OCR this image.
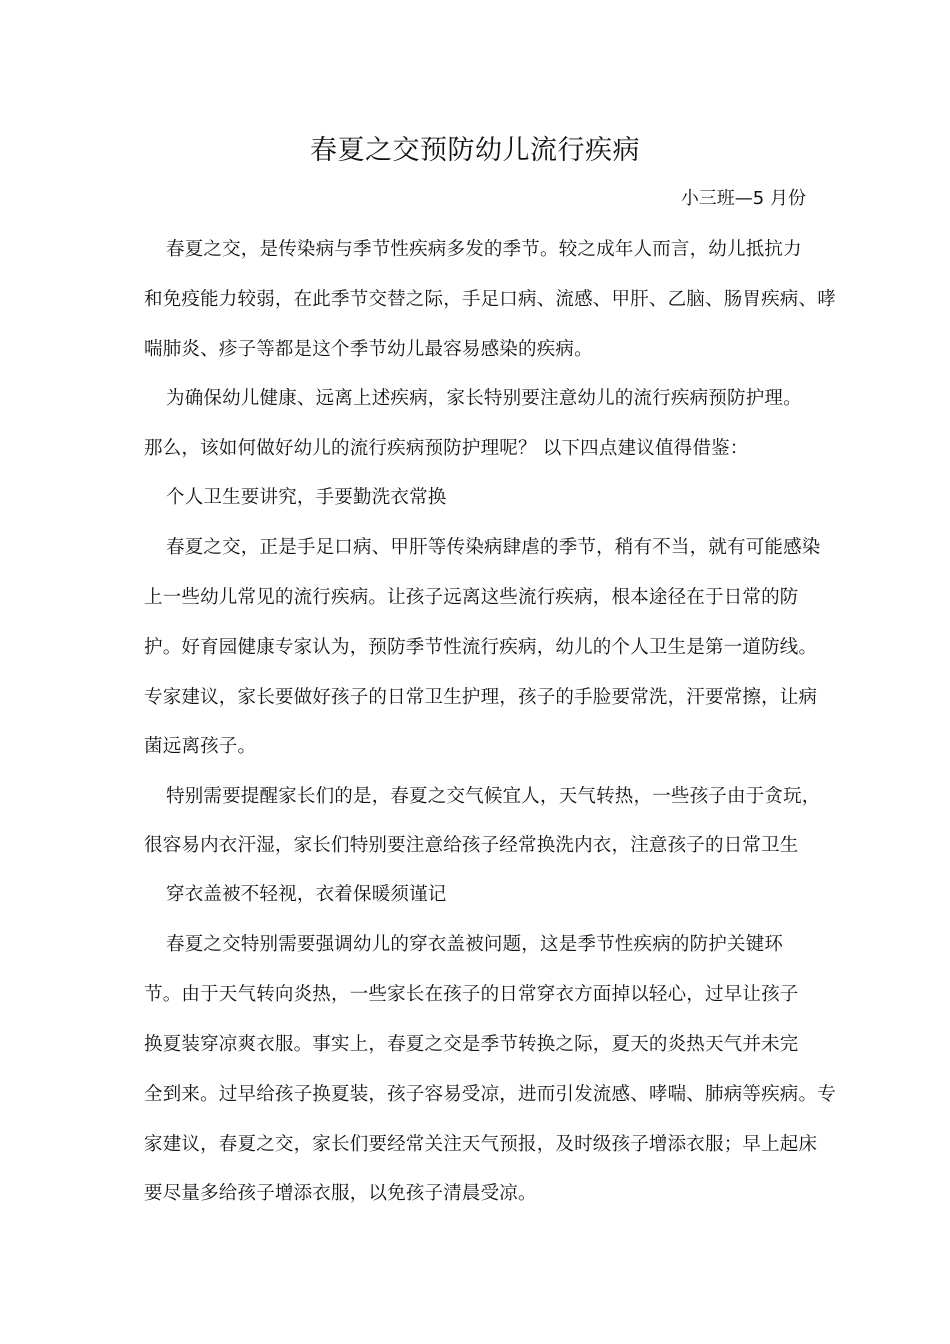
春夏之交预防幼儿流行疾病
小三班—5 月份
春夏之交，是传染病与季节性疾病多发的季节。较之成年人而言，幼儿抵抗力
和免疫能力较弱，在此季节交替之际，手足口病、流感、甲肝、乙脑、肠胃疾病、哮
喘肺炎、疹子等都是这个季节幼儿最容易感染的疾病。
为确保幼儿健康、远离上述疾病，家长特别要注意幼儿的流行疾病预防护理。
那么，该如何做好幼儿的流行疾病预防护理呢？ 以下四点建议值得借鉴：
个人卫生要讲究，手要勤洗衣常换
春夏之交，正是手足口病、甲肝等传染病肆虐的季节，稍有不当，就有可能感染
上一些幼儿常见的流行疾病。让孩子远离这些流行疾病，根本途径在于日常的防
护。好育园健康专家认为，预防季节性流行疾病，幼儿的个人卫生是第一道防线。
专家建议，家长要做好孩子的日常卫生护理，孩子的手脸要常洗，汗要常擦，让病
菌远离孩子。
特别需要提醒家长们的是，春夏之交气候宜人，天气转热，一些孩子由于贪玩，
很容易内衣汗湿，家长们特别要注意给孩子经常换洗内衣，注意孩子的日常卫生
穿衣盖被不轻视，衣着保暖须谨记
春夏之交特别需要强调幼儿的穿衣盖被问题，这是季节性疾病的防护关键环
节。由于天气转向炎热，一些家长在孩子的日常穿衣方面掉以轻心，过早让孩子
换夏装穿凉爽衣服。事实上，春夏之交是季节转换之际，夏天的炎热天气并未完
全到来。过早给孩子换夏装，孩子容易受凉，进而引发流感、哮喘、肺病等疾病。专
家建议，春夏之交，家长们要经常关注天气预报，及时级孩子增添衣服；早上起床
要尽量多给孩子增添衣服，以免孩子清晨受凉。
